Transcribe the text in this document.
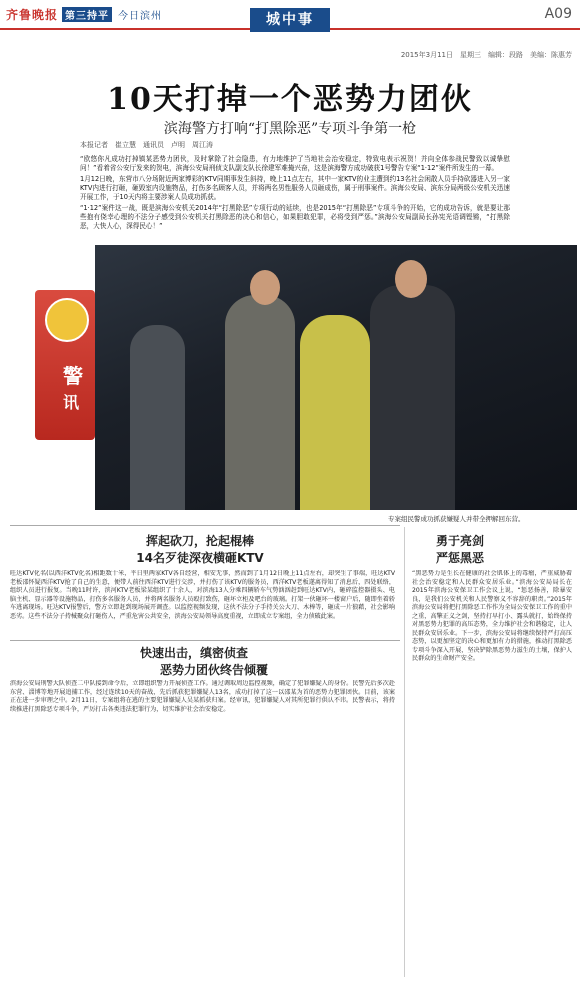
齐鲁晚报 第三持平 今日滨州	城中事	A09
2015年3月11日　星期三　编辑：段路　美编：陈惠芳
10天打掉一个恶势力团伙
滨海警方打响“打黑除恶”专项斗争第一枪
本报记者　崔立慧　通讯员　卢明　周江涛

“欧悠你凡成功打掉镇某恶势力团伙，及时掌除了社会隐患，有力地维护了当地社会治安稳定，特致电表示祝贺！并向全体参战民警致以诚挚慰问！”看着省公安厅发来的贺电，滨海公安局刑侦支队副支队长徐建军难掩兴奋，这是滨海警方成功破获1号警告专案“1·12”案件所发生的一幕。

1月12日晚，东营市八分场附近两家博彩的KTV同期事发生斜持，晚上11点左右，其中一家KTV的业主遭到约13名社会闲散人员手持砍器进入另一家KTV内进行打砸，砸毁室内设施物品，打伤多名顾客人员，并将两名男性服务人员砸成伤，属于刑事案件。滨海公安局、滨东分局两级公安机关迅速开展工作，于10天内将主要涉案人员成功抓获。

“1·12”案件这一战，既是滨海公安机关2014年“打黑除恶”专项行动的延续，也是2015年“打黑除恶”专项斗争的开始，它的成功告诉，就是要让那些抱有侥幸心理的不法分子感受到公安机关打黑除恶的决心和信心，如果胆敢犯罪，必将受到严惩。”滨海公安局副局长孙宪光语调铿锵，“打黑除恶，大快人心，深得民心！”

警
讯
专案组民警成功抓获嫌疑人并带全押解回东营。
挥起砍刀，抡起棍棒
14名歹徒深夜横砸KTV
旺达KTV化名(以西洋KTV化名)相距数十米，平日里两家KTV各自经营，相安无事，然而到了1月12日晚上11点左右，却突生了事端，旺达KTV老板邵怀疑西洋KTV抢了自己的生意，便带人前往西洋KTV进行交涉，并打伤了该KTV的服务员，西洋KTV老板遂离得知了消息后，四处联络，组织人员进行报复。当晚11时许，滨河KTV老板梁某组织了十余人，对滨海13人分乘四辆轿车气势汹汹赶到旺达KTV内，砸碎监控器摄头、电脑主机、显示器等设施物品，打伤多名服务人员，并将两名服务人员殴打致伤，砸坏立柜及吧台的玻璃。打架一伙砸坏一楼窗户后，随即坐着轿车逃离现场。旺达KTV报警后，警方立即赶到现场展开调查。以监控视频发现，这伙不法分子手持关公大刀、木棒等，砸成一片狼藉，社会影响恶劣。这些不法分子持械聚众打砸伤人，严重危害公共安全，滨海公安局领导高度重视，立即成立专案组，全力侦破此案。
快速出击，缜密侦查
恶势力团伙终告倾覆
滨海公安局刑警大队侦查二中队接到命令后，立即组织警力开展侦查工作。通过调取周边监控视频，确定了犯罪嫌疑人的身份。民警先后多次赴东营、淄博等地开展追捕工作，经过连续10天的奋战，先后抓获犯罪嫌疑人13名，成功打掉了这一以邵某为首的恶势力犯罪团伙。目前，该案正在进一步审理之中。2月11日，专案组将在逃的主要犯罪嫌疑人吴某抓获归案。经审讯，犯罪嫌疑人对其所犯罪行供认不讳。民警表示，将持续推进打黑除恶专项斗争，严厉打击各类违法犯罪行为，切实维护社会治安稳定。
勇于亮剑
严惩黑恶
“黑恶势力是生长在健康的社会肌体上的毒瘤，严重威胁着社会治安稳定和人民群众安居乐业。”滨海公安局局长在2015年滨海公安保卫工作会议上说，“惩恶扬善，除暴安良，是我们公安机关和人民警察义不容辞的职责。”2015年滨海公安局将把打黑除恶工作作为全局公安保卫工作的重中之重，高擎正义之剑，坚持打早打小、露头就打，始终保持对黑恶势力犯罪的高压态势，全力维护社会和谐稳定，让人民群众安居乐业。下一步，滨海公安局将继续保持严打高压态势，以更加坚定的决心和更加有力的措施，推动打黑除恶专项斗争深入开展，坚决铲除黑恶势力滋生的土壤，保护人民群众的生命财产安全。
